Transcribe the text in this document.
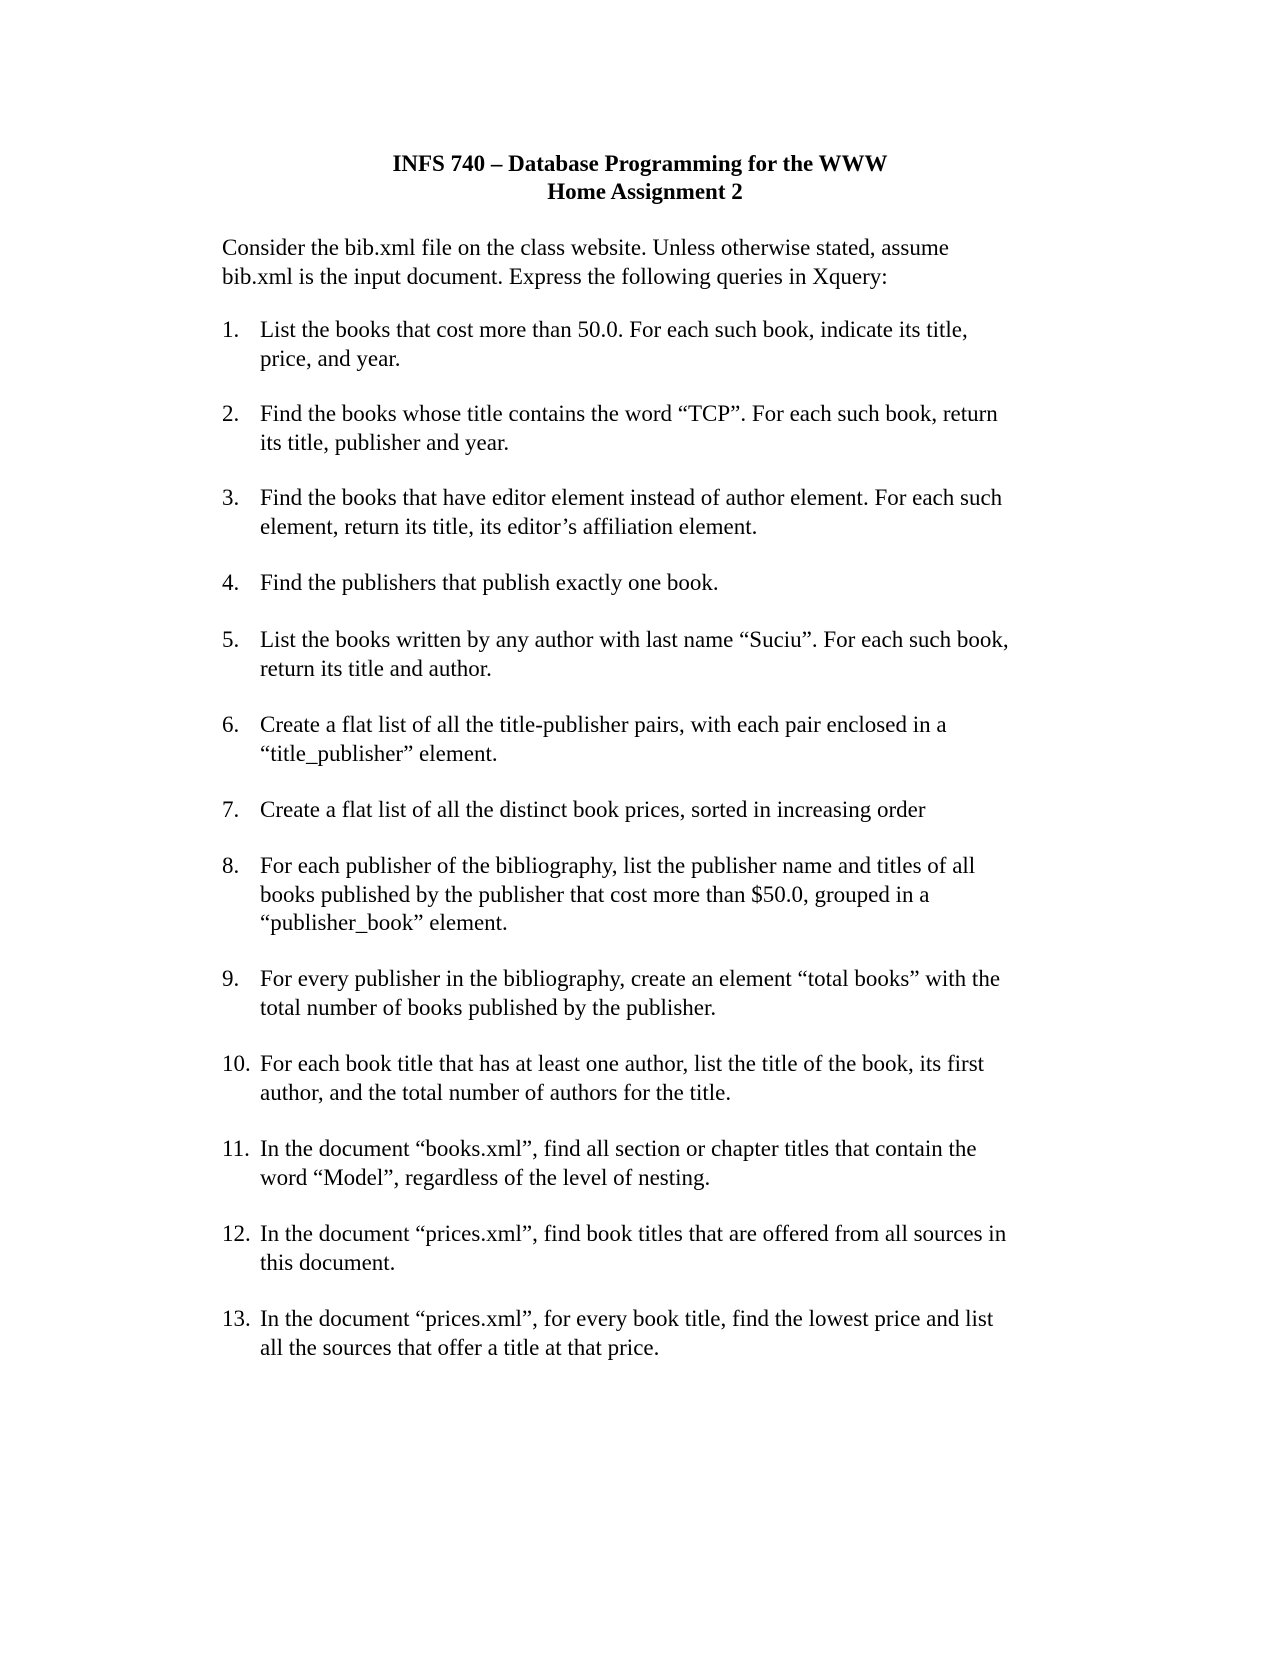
INFS 740 – Database Programming for the WWW
Home Assignment 2
Consider the bib.xml file on the class website. Unless otherwise stated, assume
bib.xml is the input document. Express the following queries in Xquery:
1. List the books that cost more than 50.0. For each such book, indicate its title,
price, and year.
2. Find the books whose title contains the word “TCP”. For each such book, return
its title, publisher and year.
3. Find the books that have editor element instead of author element. For each such
element, return its title, its editor’s affiliation element.
4. Find the publishers that publish exactly one book.
5. List the books written by any author with last name “Suciu”. For each such book,
return its title and author.
6. Create a flat list of all the title-publisher pairs, with each pair enclosed in a
“title_publisher” element.
7. Create a flat list of all the distinct book prices, sorted in increasing order
8. For each publisher of the bibliography, list the publisher name and titles of all
books published by the publisher that cost more than $50.0, grouped in a
“publisher_book” element.
9. For every publisher in the bibliography, create an element “total books” with the
total number of books published by the publisher.
10. For each book title that has at least one author, list the title of the book, its first
author, and the total number of authors for the title.
11. In the document “books.xml”, find all section or chapter titles that contain the
word “Model”, regardless of the level of nesting.
12. In the document “prices.xml”, find book titles that are offered from all sources in
this document.
13. In the document “prices.xml”, for every book title, find the lowest price and list
all the sources that offer a title at that price.
